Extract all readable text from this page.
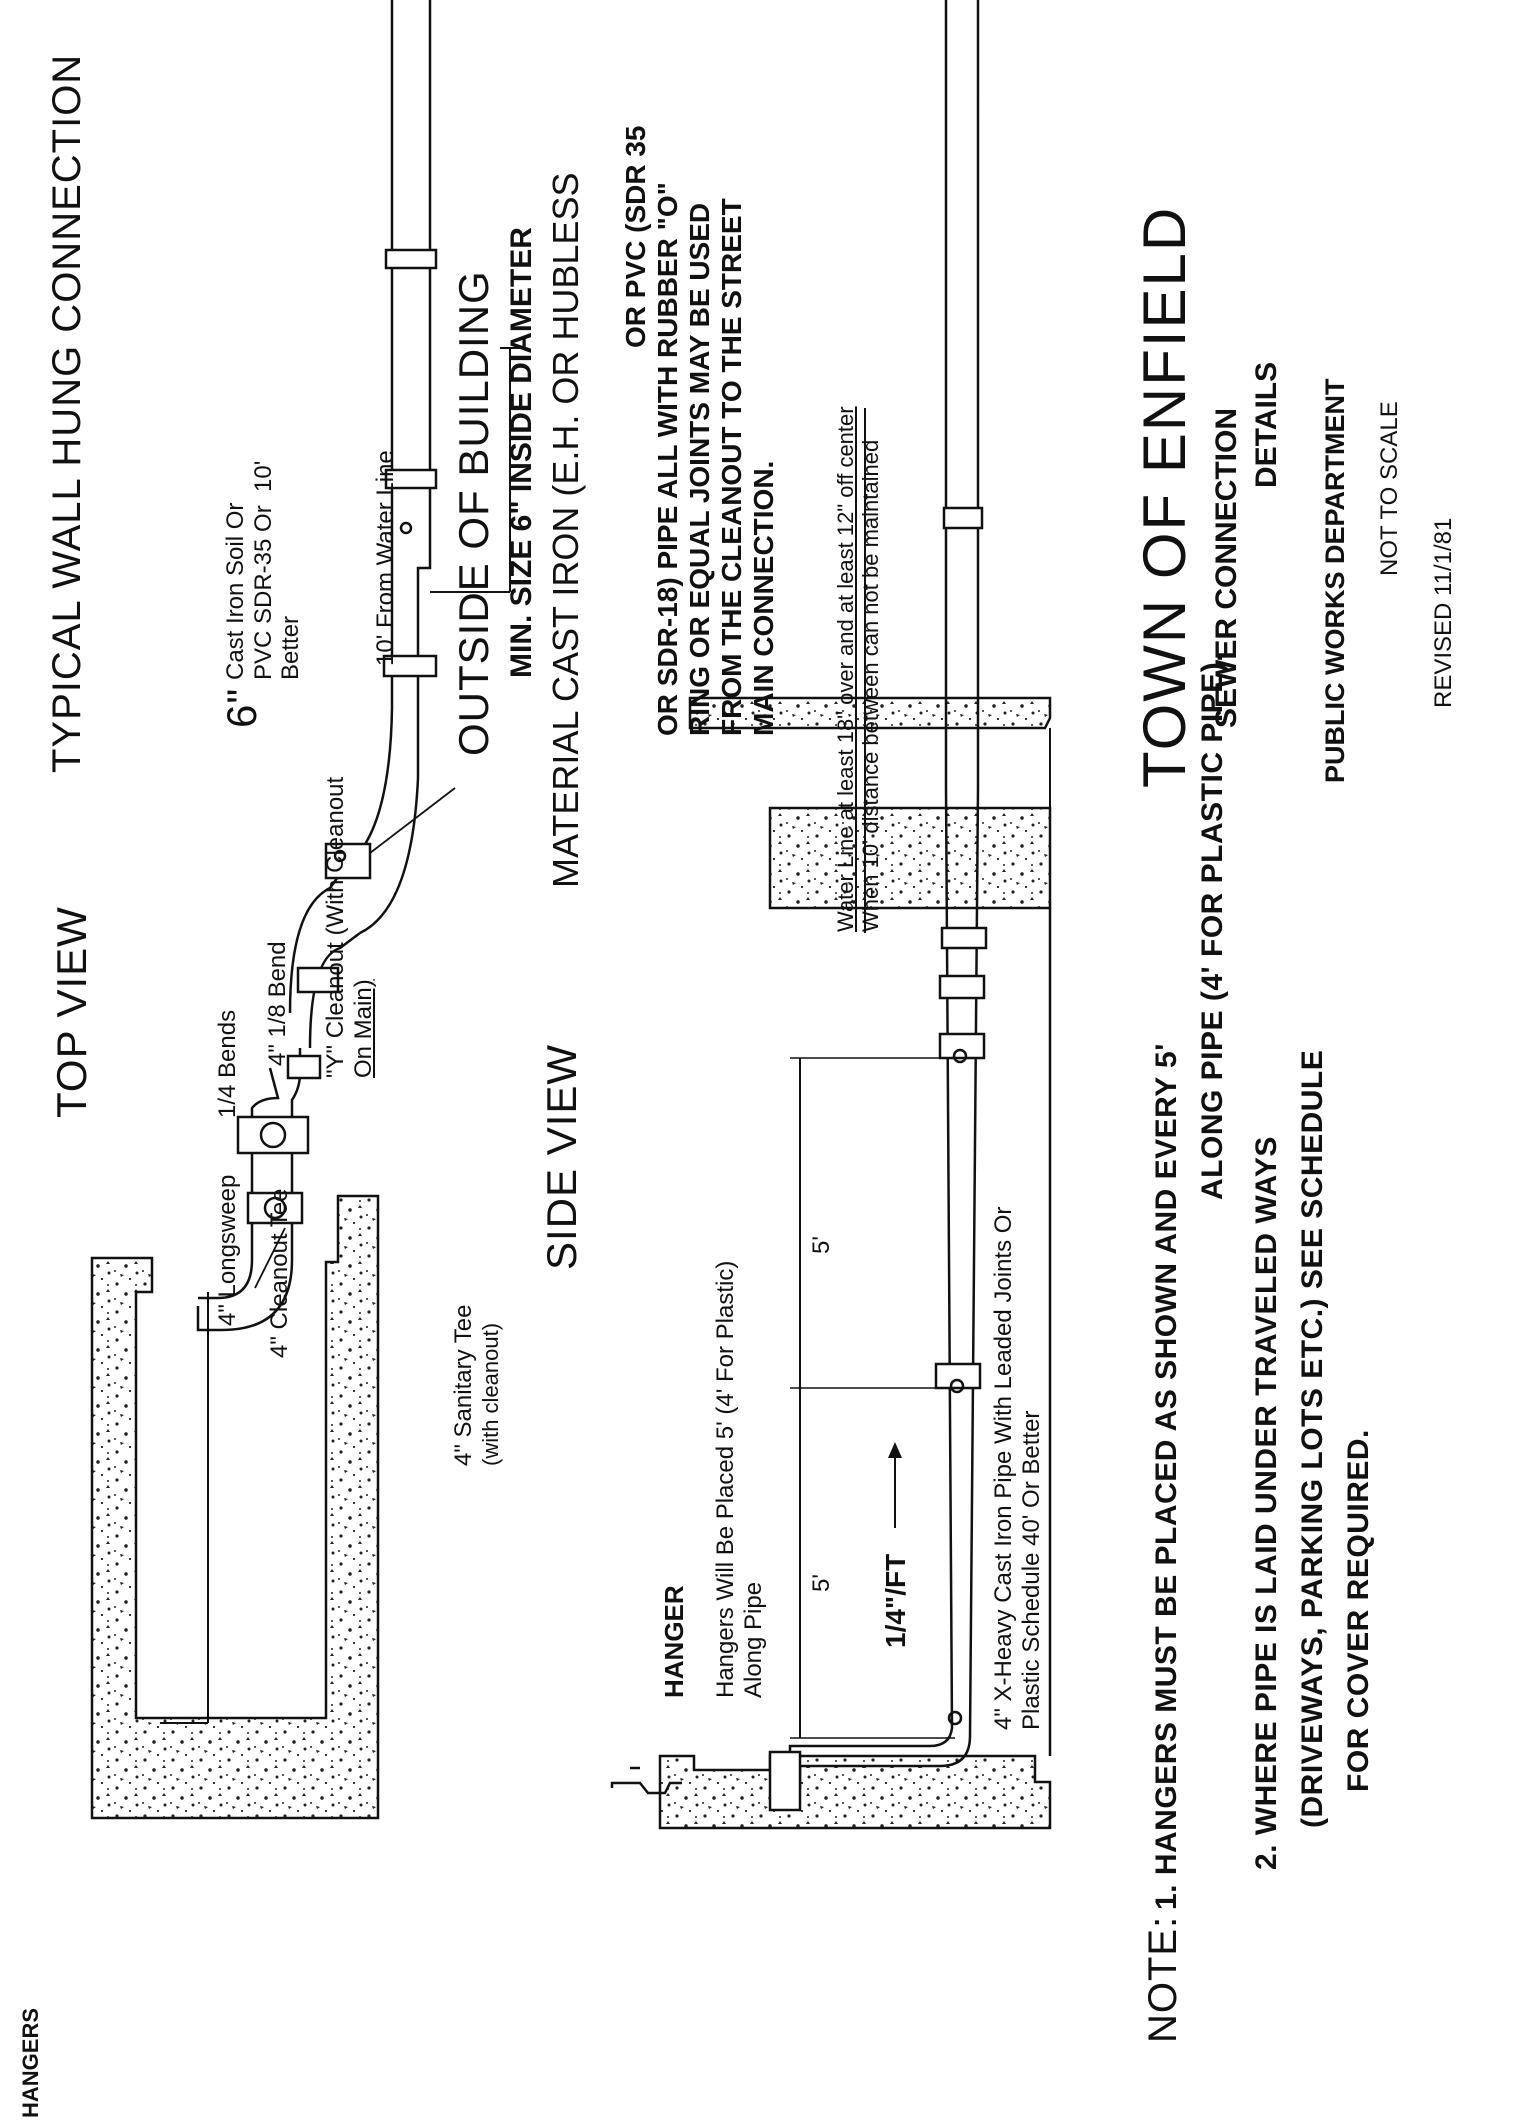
HANGERS
TOP VIEW
4" Sanitary Tee (with cleanout)
4" Cleanout Tee
4" Longsweep
1/4 Bends 4" 1/8 Bend "Y" Cleanout (With Cleanout On Main)
6"
Cast Iron Soil Or PVC SDR-35 Or Better
10'	10' From Water Line
TYPICAL WALL HUNG CONNECTION	OUTSIDE OF BUILDING MIN. SIZE 6" INSIDE DIAMETER MATERIAL CAST IRON (E.H. OR HUBLESS OR PVC (SDR 35 OR SDR-18) PIPE ALL WITH RUBBER "O" RING OR EQUAL JOINTS MAY BE USED FROM THE CLEANOUT TO THE STREET MAIN CONNECTION.
SIDE VIEW
HANGER Hangers Will Be Placed 5' (4' For Plastic) Along Pipe 5'
5'
1/4"/FT	4" X-Heavy Cast Iron Pipe With Leaded Joints Or Plastic Schedule 40' Or Better
Water Line at least 18" over and at least 12" off center When 10' distance between can not be maintained
NOTE:
1. HANGERS MUST BE PLACED AS SHOWN AND EVERY 5'
ALONG PIPE (4' FOR PLASTIC PIPE).
2. WHERE PIPE IS LAID UNDER TRAVELED WAYS (DRIVEWAYS, PARKING LOTS ETC.) SEE SCHEDULE FOR COVER REQUIRED.
TOWN OF ENFIELD SEWER CONNECTION DETAILS PUBLIC WORKS DEPARTMENT NOT TO SCALE
REVISED 11/1/81
